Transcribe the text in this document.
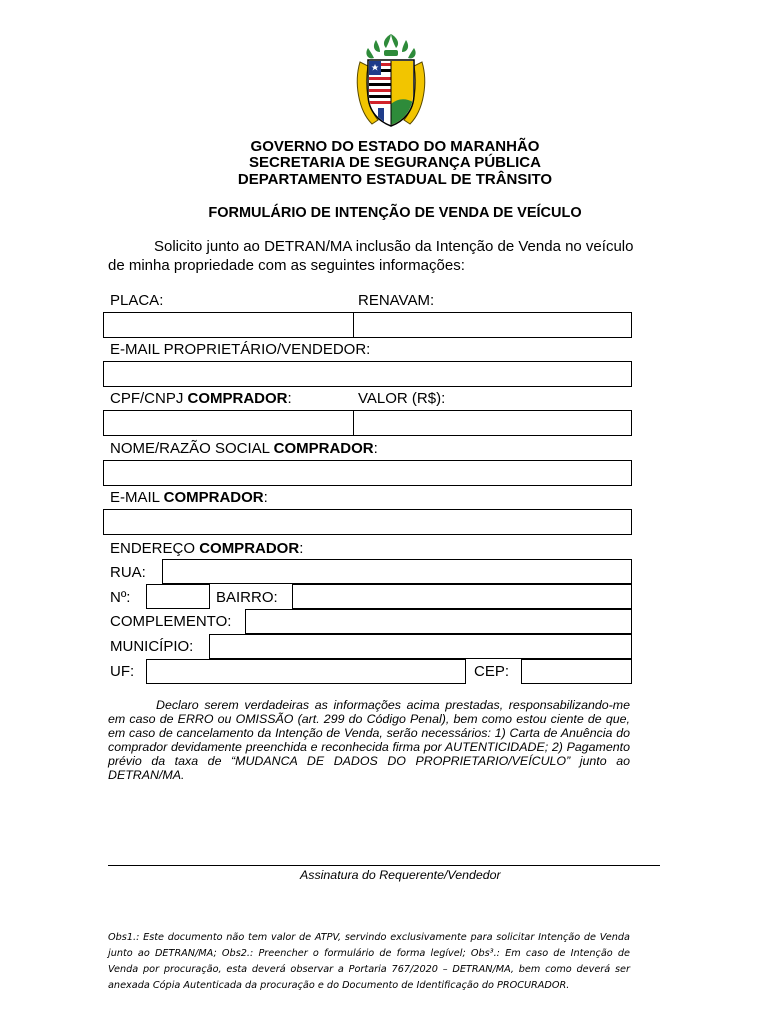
GOVERNO DO ESTADO DO MARANHÃO
SECRETARIA DE SEGURANÇA PÚBLICA
DEPARTAMENTO ESTADUAL DE TRÂNSITO
FORMULÁRIO DE INTENÇÃO DE VENDA DE VEÍCULO
Solicito junto ao DETRAN/MA inclusão da Intenção de Venda no veículo de minha propriedade com as seguintes informações:
PLACA:	RENAVAM:
E-MAIL PROPRIETÁRIO/VENDEDOR:
CPF/CNPJ COMPRADOR:	VALOR (R$):
NOME/RAZÃO SOCIAL COMPRADOR:
E-MAIL COMPRADOR:
ENDEREÇO COMPRADOR:
RUA:
Nº:	BAIRRO:
COMPLEMENTO:
MUNICÍPIO:
UF:	CEP:
Declaro serem verdadeiras as informações acima prestadas, responsabilizando-me em caso de ERRO ou OMISSÃO (art. 299 do Código Penal), bem como estou ciente de que, em caso de cancelamento da Intenção de Venda, serão necessários: 1) Carta de Anuência do comprador devidamente preenchida e reconhecida firma por AUTENTICIDADE; 2) Pagamento prévio da taxa de “MUDANCA DE DADOS DO PROPRIETARIO/VEÍCULO” junto ao DETRAN/MA.
Assinatura do Requerente/Vendedor
Obs1.: Este documento não tem valor de ATPV, servindo exclusivamente para solicitar Intenção de Venda junto ao DETRAN/MA; Obs2.: Preencher o formulário de forma legível; Obs³.: Em caso de Intenção de Venda por procuração, esta deverá observar a Portaria 767/2020 – DETRAN/MA, bem como deverá ser anexada Cópia Autenticada da procuração e do Documento de Identificação do PROCURADOR.
